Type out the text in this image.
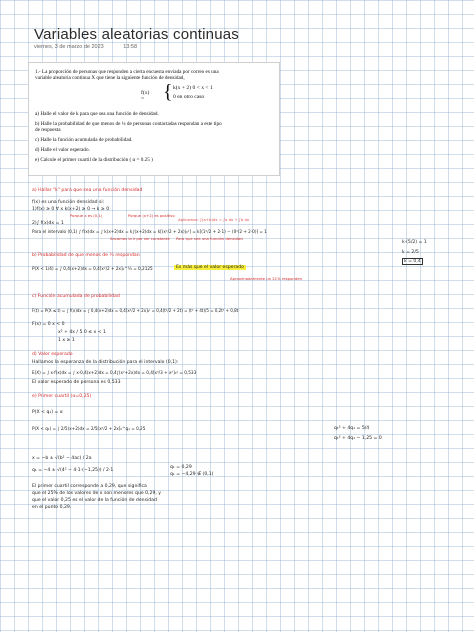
Variables aleatorias continuas
viernes, 3 de marzo de 2023	13:58

1.- La proporción de personas que responden a cierta encuesta enviada por correo es una

variable aleatoria continua X que tiene la siguiente función de densidad,

f(x) = { k(x + 2) 0 < x < 1
0 en otro caso

a) Halle el valor de k para que sea una función de densidad.

b) Halle la probabilidad de que menos de ¼ de personas contactadas respondan a este tipo

de respuesta

c) Halle la función acumulada de probabilidad.

d) Halle el valor esperado.

e) Calcule el primer cuartil de la distribución ( α = 0.25 )

a) Hallar "k" para que sea una función densidad
f(x) es una función densidad si:
1)f(x) ≥ 0 ∀ x k(x+2) ≥ 0 → k ≥ 0
Porque x es (0,1)	Porque (x+2) es positivo
2)∫ f(x)dx = 1
Aplicamos: ∫(a+b)dx = ∫a dx + ∫b dx
Para el intervalo (0,1) ∫ f(x)dx = ∫ k(x+2)dx = k∫(x+2)dx = k[(x²/2 + 2x)|₀¹] = k[(1²/2 + 2·1) − (0²/2 + 2·0)] = 1
Sacamos la k por ser constante Para que sea una función densidad
k·(5/2) = 1
k = 2/5
k = 0,4
b) Probabilidad de que menos de ¼ respondan
P(X < 1/4) = ∫ 0,4(x+2)dx = 0,4[x²/2 + 2x]₀^¼ = 0,2125	Es más que el valor esperado
Aproximadamente un 21% responden
c) Función acumulada de probabilidad
F(t) = P(X ≤ t) = ∫ f(x)dx = ∫ 0,4(x+2)dx = 0,4[x²/2 + 2x]₀ᵗ = 0,4(t²/2 + 2t) = (t² + 4t)/5 = 0,2t² + 0,8t
F(x) = 0 x < 0
x² + 4x / 5 0 ≤ x < 1
1 x ≥ 1
d) Valor esperado
Hallamos la esperanza de la distribución para el intervalo (0,1):
E(X) = ∫ x·f(x)dx = ∫ x·0,4(x+2)dx = 0,4∫(x²+2x)dx = 0,4[x³/3 + x²]₀¹ = 0,533
El valor esperado de persona es 0,533
e) Primer cuartil (α=0,25)
P(X < q₁) = α
P(X < q₁) = ∫ 2/5(x+2)dx = 2/5[x²/2 + 2x]₀^q₁ = 0,25	q₁² + 4q₁ = 5/4
q₁² + 4q₁ − 1,25 = 0
x = −b ± √(b² − 4ac) / 2a
q₁ = −4 ± √(4² − 4·1·(−1,25)) / 2·1
q₁ = 0,29
q₁ = −4,29 ∉ (0,1)
El primer cuartil corresponde a 0,29, que significa
que el 25% de los valores de x son menores que 0,29, y
que el valor 0,25 es el valor de la función de densidad
en el punto 0,29.
